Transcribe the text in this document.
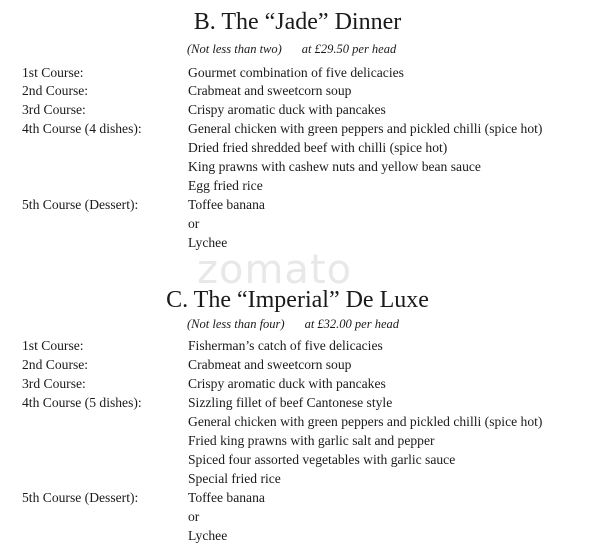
zomato
B. The “Jade” Dinner
(Not less than two) at £29.50 per head
1st Course:	Gourmet combination of five delicacies
2nd Course:	Crabmeat and sweetcorn soup
3rd Course:	Crispy aromatic duck with pancakes
4th Course (4 dishes):	General chicken with green peppers and pickled chilli (spice hot)
Dried fried shredded beef with chilli (spice hot)
King prawns with cashew nuts and yellow bean sauce
Egg fried rice
5th Course (Dessert):	Toffee banana
or
Lychee
C. The “Imperial” De Luxe
(Not less than four) at £32.00 per head
1st Course:	Fisherman’s catch of five delicacies
2nd Course:	Crabmeat and sweetcorn soup
3rd Course:	Crispy aromatic duck with pancakes
4th Course (5 dishes):	Sizzling fillet of beef Cantonese style
General chicken with green peppers and pickled chilli (spice hot)
Fried king prawns with garlic salt and pepper
Spiced four assorted vegetables with garlic sauce
Special fried rice
5th Course (Dessert):	Toffee banana
or
Lychee
